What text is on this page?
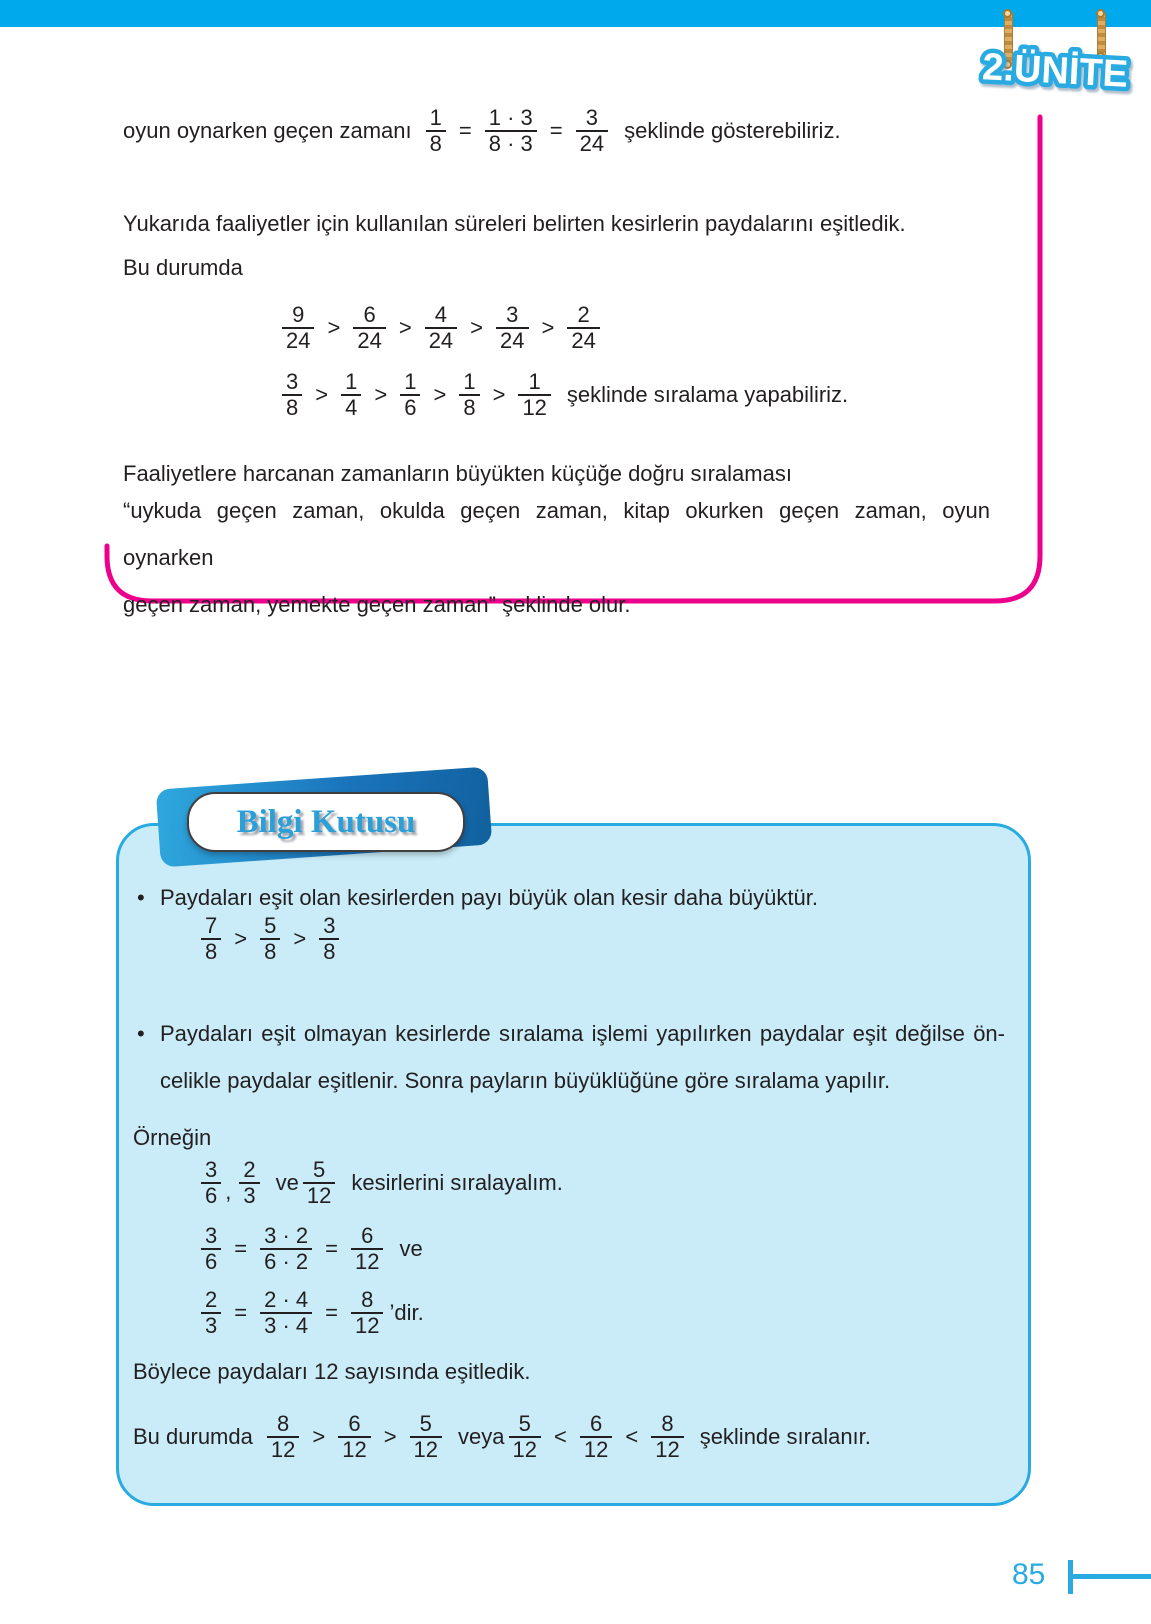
2.ÜNİTE
oyun oynarken geçen zamanı $\frac{1}{8} = \frac{1 \cdot 3}{8 \cdot 3} = \frac{3}{24}$ şeklinde gösterebiliriz.
Yukarıda faaliyetler için kullanılan süreleri belirten kesirlerin paydalarını eşitledik.
Bu durumda
$\frac{9}{24} > \frac{6}{24} > \frac{4}{24} > \frac{3}{24} > \frac{2}{24}$
$\frac{3}{8} > \frac{1}{4} > \frac{1}{6} > \frac{1}{8} > \frac{1}{12}$ şeklinde sıralama yapabiliriz.
Faaliyetlere harcanan zamanların büyükten küçüğe doğru sıralaması
“uykuda geçen zaman, okulda geçen zaman, kitap okurken geçen zaman, oyun oynarken
geçen zaman, yemekte geçen zaman” şeklinde olur.
Bilgi Kutusu
• Paydaları eşit olan kesirlerden payı büyük olan kesir daha büyüktür.
$\frac{7}{8} > \frac{5}{8} > \frac{3}{8}$
• Paydaları eşit olmayan kesirlerde sıralama işlemi yapılırken paydalar eşit değilse ön-
celikle paydalar eşitlenir. Sonra payların büyüklüğüne göre sıralama yapılır.
Örneğin
$\frac{3}{6}$ , $\frac{2}{3}$ ve $\frac{5}{12}$ kesirlerini sıralayalım.
$\frac{3}{6} = \frac{3 \cdot 2}{6 \cdot 2} = \frac{6}{12}$ ve
$\frac{2}{3} = \frac{2 \cdot 4}{3 \cdot 4} = \frac{8}{12}$ ’dir.
Böylece paydaları 12 sayısında eşitledik.
Bu durumda $\frac{8}{12} > \frac{6}{12} > \frac{5}{12}$ veya $\frac{5}{12} < \frac{6}{12} < \frac{8}{12}$ şeklinde sıralanır.
85
